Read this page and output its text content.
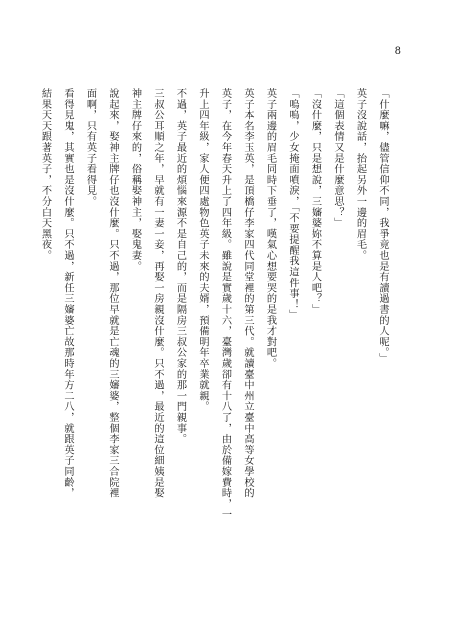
8

「什麼嘛，儘管信仰不同，我爭竟也是有讀過書的人呢。」

英子沒說話，抬起另外一邊的眉毛。

「這個表情又是什麼意思？」

「沒什麼，只是想說，三嬸婆妳不算是人吧？」

「嗚嗚，少女掩面噴淚，「不要提醒我這件事！」

英子兩邊的眉毛同時下垂了，嘆氣心想要哭的是我才對吧。

英子本名李玉英，是頂橋仔李家四代同堂裡的第三代。就讀臺中州立臺中高等女學校的

英子，在今年春天升上了四年級。雖說是實歲十六，臺灣歲卻有十八了，由於備嫁費時，一

升上四年級，家人便四處物色英子未來的夫婿，預備明年卒業就親。

不過，英子最近的煩惱來源不是自己的，而是隔房三叔公家的那一門親事。

三叔公耳順之年，早就有一妻一妾，再娶一房親沒什麼。只不過，最近的這位細姨是娶

神主牌仔來的，俗稱娶神主，娶鬼妻。

說起來，娶神主牌仔也沒什麼。只不過，那位早就是亡魂的三嬸婆，整個李家三合院裡

面啊，只有英子看得見。

看得見鬼，其實也是沒什麼。只不過，新任三嬸婆亡故那時年方二八，就跟英子同齡，

結果天天跟著英子，不分白天黑夜。
